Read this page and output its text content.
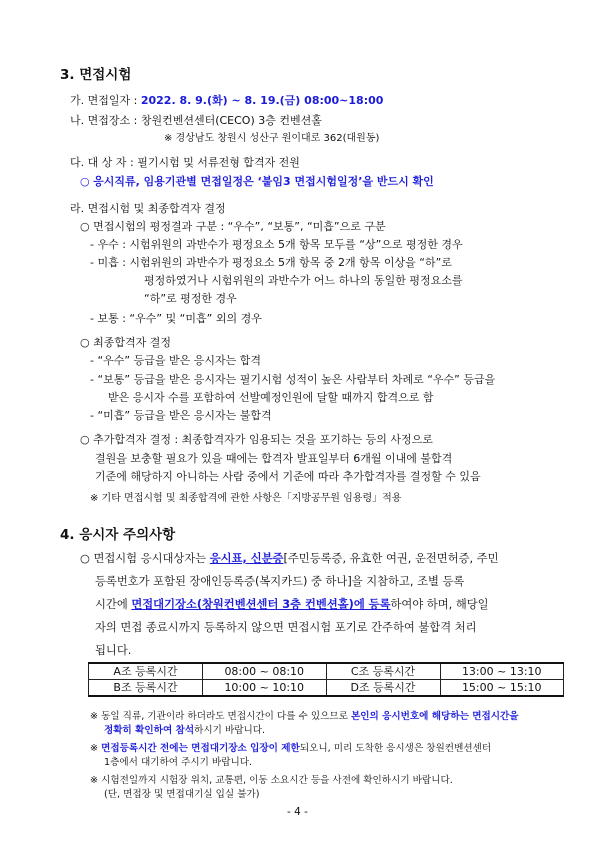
3. 면접시험
가. 면접일자 : 2022. 8. 9.(화) ~ 8. 19.(금) 08:00~18:00
나. 면접장소 : 창원컨벤션센터(CECO) 3층 컨벤션홀
※ 경상남도 창원시 성산구 원이대로 362(대원동)
다. 대 상 자 : 필기시험 및 서류전형 합격자 전원
○ 응시직류, 임용기관별 면접일정은 ‘붙임3 면접시험일정’을 반드시 확인
라. 면접시험 및 최종합격자 결정
○ 면접시험의 평정결과 구분 : “우수”, “보통”, “미흡”으로 구분
- 우수 : 시험위원의 과반수가 평정요소 5개 항목 모두를 “상”으로 평정한 경우
- 미흡 : 시험위원의 과반수가 평정요소 5개 항목 중 2개 항목 이상을 “하”로
평정하였거나 시험위원의 과반수가 어느 하나의 동일한 평정요소를
“하”로 평정한 경우
- 보통 : “우수” 및 “미흡” 외의 경우
○ 최종합격자 결정
- “우수” 등급을 받은 응시자는 합격
- “보통” 등급을 받은 응시자는 필기시험 성적이 높은 사람부터 차례로 “우수” 등급을
받은 응시자 수를 포함하여 선발예정인원에 달할 때까지 합격으로 함
- “미흡” 등급을 받은 응시자는 불합격
○ 추가합격자 결정 : 최종합격자가 임용되는 것을 포기하는 등의 사정으로
결원을 보충할 필요가 있을 때에는 합격자 발표일부터 6개월 이내에 불합격
기준에 해당하지 아니하는 사람 중에서 기준에 따라 추가합격자를 결정할 수 있음
※ 기타 면접시험 및 최종합격에 관한 사항은「지방공무원 임용령」적용
4. 응시자 주의사항
○ 면접시험 응시대상자는 응시표, 신분증[주민등록증, 유효한 여권, 운전면허증, 주민
등록번호가 포함된 장애인등록증(복지카드) 중 하나]을 지참하고, 조별 등록
시간에 면접대기장소(창원컨벤션센터 3층 컨벤션홀)에 등록하여야 하며, 해당일
자의 면접 종료시까지 등록하지 않으면 면접시험 포기로 간주하여 불합격 처리
됩니다.
A조 등록시간	08:00 ~ 08:10	C조 등록시간	13:00 ~ 13:10
B조 등록시간	10:00 ~ 10:10	D조 등록시간	15:00 ~ 15:10
※ 동일 직류, 기관이라 하더라도 면접시간이 다를 수 있으므로 본인의 응시번호에 해당하는 면접시간을
정확히 확인하여 참석하시기 바랍니다.
※ 면접등록시간 전에는 면접대기장소 입장이 제한되오니, 미리 도착한 응시생은 창원컨벤션센터
1층에서 대기하여 주시기 바랍니다.
※ 시험전일까지 시험장 위치, 교통편, 이동 소요시간 등을 사전에 확인하시기 바랍니다.
(단, 면접장 및 면접대기실 입실 불가)
- 4 -
